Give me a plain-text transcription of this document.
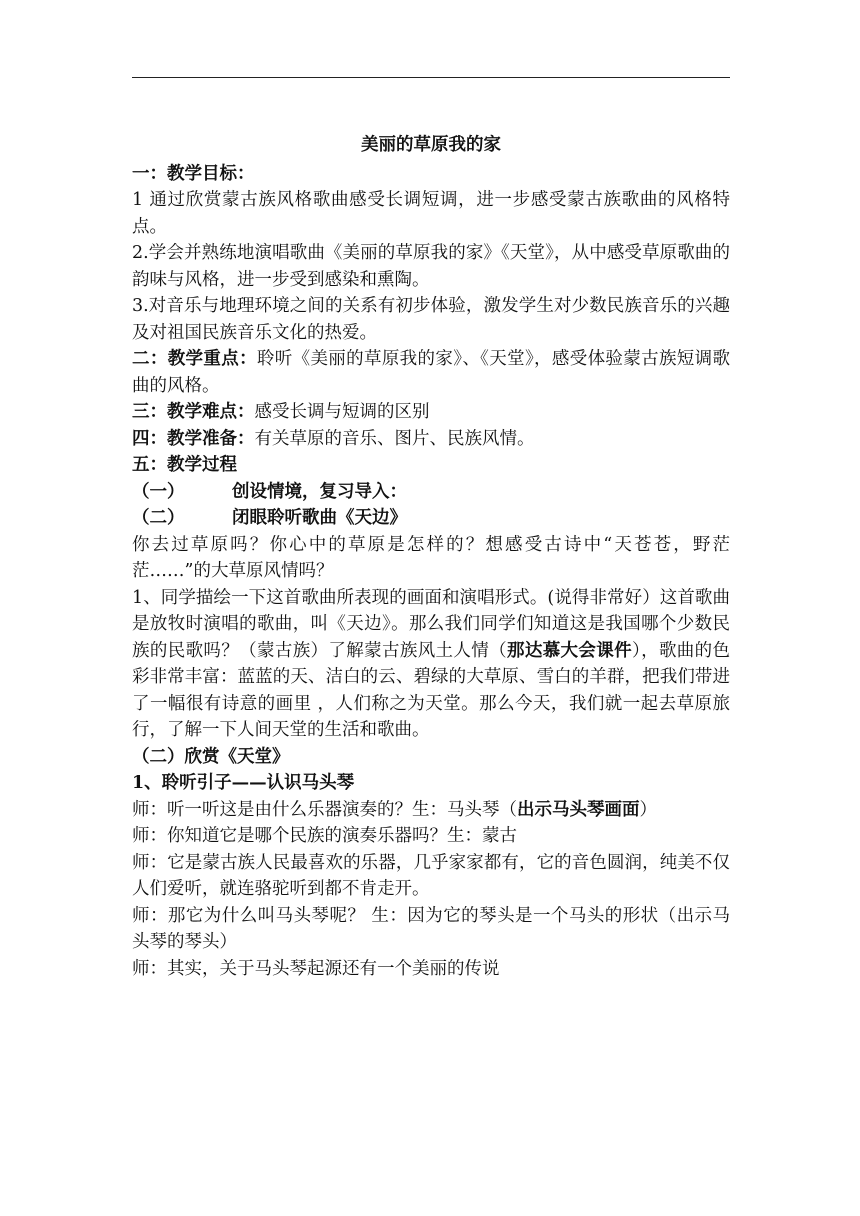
美丽的草原我的家
一：教学目标：
1 通过欣赏蒙古族风格歌曲感受长调短调，进一步感受蒙古族歌曲的风格特点。
2.学会并熟练地演唱歌曲《美丽的草原我的家》《天堂》，从中感受草原歌曲的韵味与风格，进一步受到感染和熏陶。
3.对音乐与地理环境之间的关系有初步体验，激发学生对少数民族音乐的兴趣及对祖国民族音乐文化的热爱。
二：教学重点：聆听《美丽的草原我的家》、《天堂》，感受体验蒙古族短调歌曲的风格。
三：教学难点：感受长调与短调的区别
四：教学准备：有关草原的音乐、图片、民族风情。
五：教学过程
（一）	创设情境，复习导入：
（二）	闭眼聆听歌曲《天边》
你去过草原吗？你心中的草原是怎样的？想感受古诗中“天苍苍，野茫茫……”的大草原风情吗？
1、同学描绘一下这首歌曲所表现的画面和演唱形式。(说得非常好）这首歌曲是放牧时演唱的歌曲，叫《天边》。那么我们同学们知道这是我国哪个少数民族的民歌吗？（蒙古族）了解蒙古族风土人情（那达慕大会课件），歌曲的色彩非常丰富：蓝蓝的天、洁白的云、碧绿的大草原、雪白的羊群，把我们带进了一幅很有诗意的画里 ，人们称之为天堂。那么今天，我们就一起去草原旅行，了解一下人间天堂的生活和歌曲。
（二）欣赏《天堂》
1、聆听引子——认识马头琴
师：听一听这是由什么乐器演奏的？生：马头琴（出示马头琴画面）
师：你知道它是哪个民族的演奏乐器吗？生：蒙古
师：它是蒙古族人民最喜欢的乐器，几乎家家都有，它的音色圆润，纯美不仅人们爱听，就连骆驼听到都不肯走开。
师：那它为什么叫马头琴呢？ 生：因为它的琴头是一个马头的形状（出示马头琴的琴头）
师：其实，关于马头琴起源还有一个美丽的传说
